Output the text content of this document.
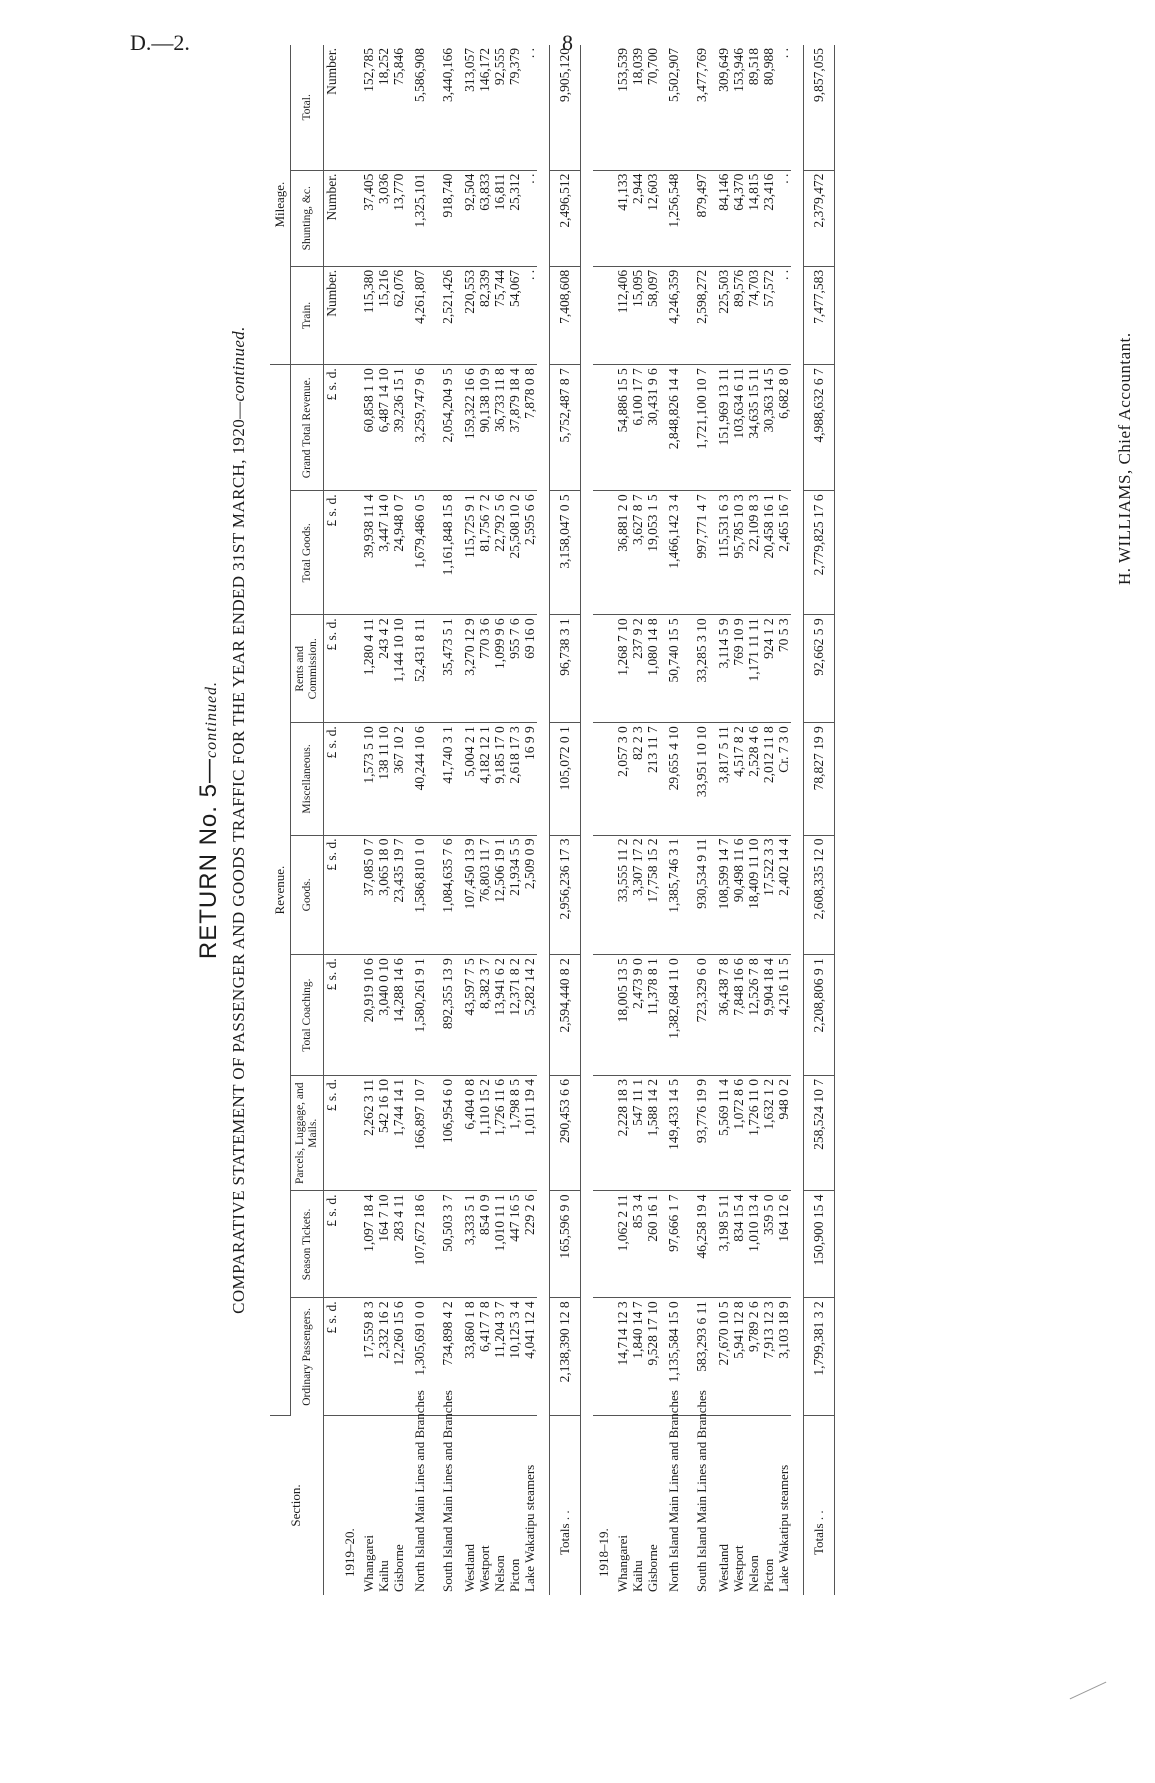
D.—2.	8
RETURN No. 5—continued. COMPARATIVE STATEMENT OF PASSENGER AND GOODS TRAFFIC FOR THE YEAR ENDED 31ST MARCH, 1920—continued.
Section.	Revenue.									Mileage.		
	Ordinary Passengers.	Season Tickets.	Parcels, Luggage, and Mails.	Total Coaching.	Goods.	Miscellaneous.	Rents and Commission.	Total Goods.	Grand Total Revenue.	Train.	Shunting, &c.	Total.
	£ s. d.	£ s. d.	£ s. d.	£ s. d.	£ s. d.	£ s. d.	£ s. d.	£ s. d.	£ s. d.	Number.	Number.	Number.
1919–20.												
Whangarei	17,559 8 3	1,097 18 4	2,262 3 11	20,919 10 6	37,085 0 7	1,573 5 10	1,280 4 11	39,938 11 4	60,858 1 10	115,380	37,405	152,785
Kaihu	2,332 16 2	164 7 10	542 16 10	3,040 0 10	3,065 18 0	138 11 10	243 4 2	3,447 14 0	6,487 14 10	15,216	3,036	18,252
Gisborne	12,260 15 6	283 4 11	1,744 14 1	14,288 14 6	23,435 19 7	367 10 2	1,144 10 10	24,948 0 7	39,236 15 1	62,076	13,770	75,846
North Island Main Lines and Branches	1,305,691 0 0	107,672 18 6	166,897 10 7	1,580,261 9 1	1,586,810 1 0	40,244 10 6	52,431 8 11	1,679,486 0 5	3,259,747 9 6	4,261,807	1,325,101	5,586,908
South Island Main Lines and Branches	734,898 4 2	50,503 3 7	106,954 6 0	892,355 13 9	1,084,635 7 6	41,740 3 1	35,473 5 1	1,161,848 15 8	2,054,204 9 5	2,521,426	918,740	3,440,166
Westland	33,860 1 8	3,333 5 1	6,404 0 8	43,597 7 5	107,450 13 9	5,004 2 1	3,270 12 9	115,725 9 1	159,322 16 6	220,553	92,504	313,057
Westport	6,417 7 8	854 0 9	1,110 15 2	8,382 3 7	76,803 11 7	4,182 12 1	770 3 6	81,756 7 2	90,138 10 9	82,339	63,833	146,172
Nelson	11,204 3 7	1,010 11 1	1,726 11 6	13,941 6 2	12,506 19 1	9,185 17 0	1,099 9 6	22,792 5 6	36,733 11 8	75,744	16,811	92,555
Picton	10,125 3 4	447 16 5	1,798 8 5	12,371 8 2	21,934 5 5	2,618 17 3	955 7 6	25,508 10 2	37,879 18 4	54,067	25,312	79,379
Lake Wakatipu steamers	4,041 12 4	229 2 6	1,011 19 4	5,282 14 2	2,509 0 9	16 9 9	69 16 0	2,595 6 6	7,878 0 8	. .	. .	. .

Totals . .	2,138,390 12 8	165,596 9 0	290,453 6 6	2,594,440 8 2	2,956,236 17 3	105,072 0 1	96,738 3 1	3,158,047 0 5	5,752,487 8 7	7,408,608	2,496,512	9,905,120

1918–19.												
Whangarei	14,714 12 3	1,062 2 11	2,228 18 3	18,005 13 5	33,555 11 2	2,057 3 0	1,268 7 10	36,881 2 0	54,886 15 5	112,406	41,133	153,539
Kaihu	1,840 14 7	85 3 4	547 11 1	2,473 9 0	3,307 17 2	82 2 3	237 9 2	3,627 8 7	6,100 17 7	15,095	2,944	18,039
Gisborne	9,528 17 10	260 16 1	1,588 14 2	11,378 8 1	17,758 15 2	213 11 7	1,080 14 8	19,053 1 5	30,431 9 6	58,097	12,603	70,700
North Island Main Lines and Branches	1,135,584 15 0	97,666 1 7	149,433 14 5	1,382,684 11 0	1,385,746 3 1	29,655 4 10	50,740 15 5	1,466,142 3 4	2,848,826 14 4	4,246,359	1,256,548	5,502,907
South Island Main Lines and Branches	583,293 6 11	46,258 19 4	93,776 19 9	723,329 6 0	930,534 9 11	33,951 10 10	33,285 3 10	997,771 4 7	1,721,100 10 7	2,598,272	879,497	3,477,769
Westland	27,670 10 5	3,198 5 11	5,569 11 4	36,438 7 8	108,599 14 7	3,817 5 11	3,114 5 9	115,531 6 3	151,969 13 11	225,503	84,146	309,649
Westport	5,941 12 8	834 15 4	1,072 8 6	7,848 16 6	90,498 11 6	4,517 8 2	769 10 9	95,785 10 3	103,634 6 11	89,576	64,370	153,946
Nelson	9,789 2 6	1,010 13 4	1,726 11 0	12,526 7 8	18,409 11 10	2,528 4 6	1,171 11 11	22,109 8 3	34,635 15 11	74,703	14,815	89,518
Picton	7,913 12 3	359 5 0	1,632 1 2	9,904 18 4	17,522 3 3	2,012 11 8	924 1 2	20,458 16 1	30,363 14 5	57,572	23,416	80,988
Lake Wakatipu steamers	3,103 18 9	164 12 6	948 0 2	4,216 11 5	2,402 14 4	Cr. 7 3 0	70 5 3	2,465 16 7	6,682 8 0	. .	. .	. .

Totals . .	1,799,381 3 2	150,900 15 4	258,524 10 7	2,208,806 9 1	2,608,335 12 0	78,827 19 9	92,662 5 9	2,779,825 17 6	4,988,632 6 7	7,477,583	2,379,472	9,857,055
H. WILLIAMS, Chief Accountant.
